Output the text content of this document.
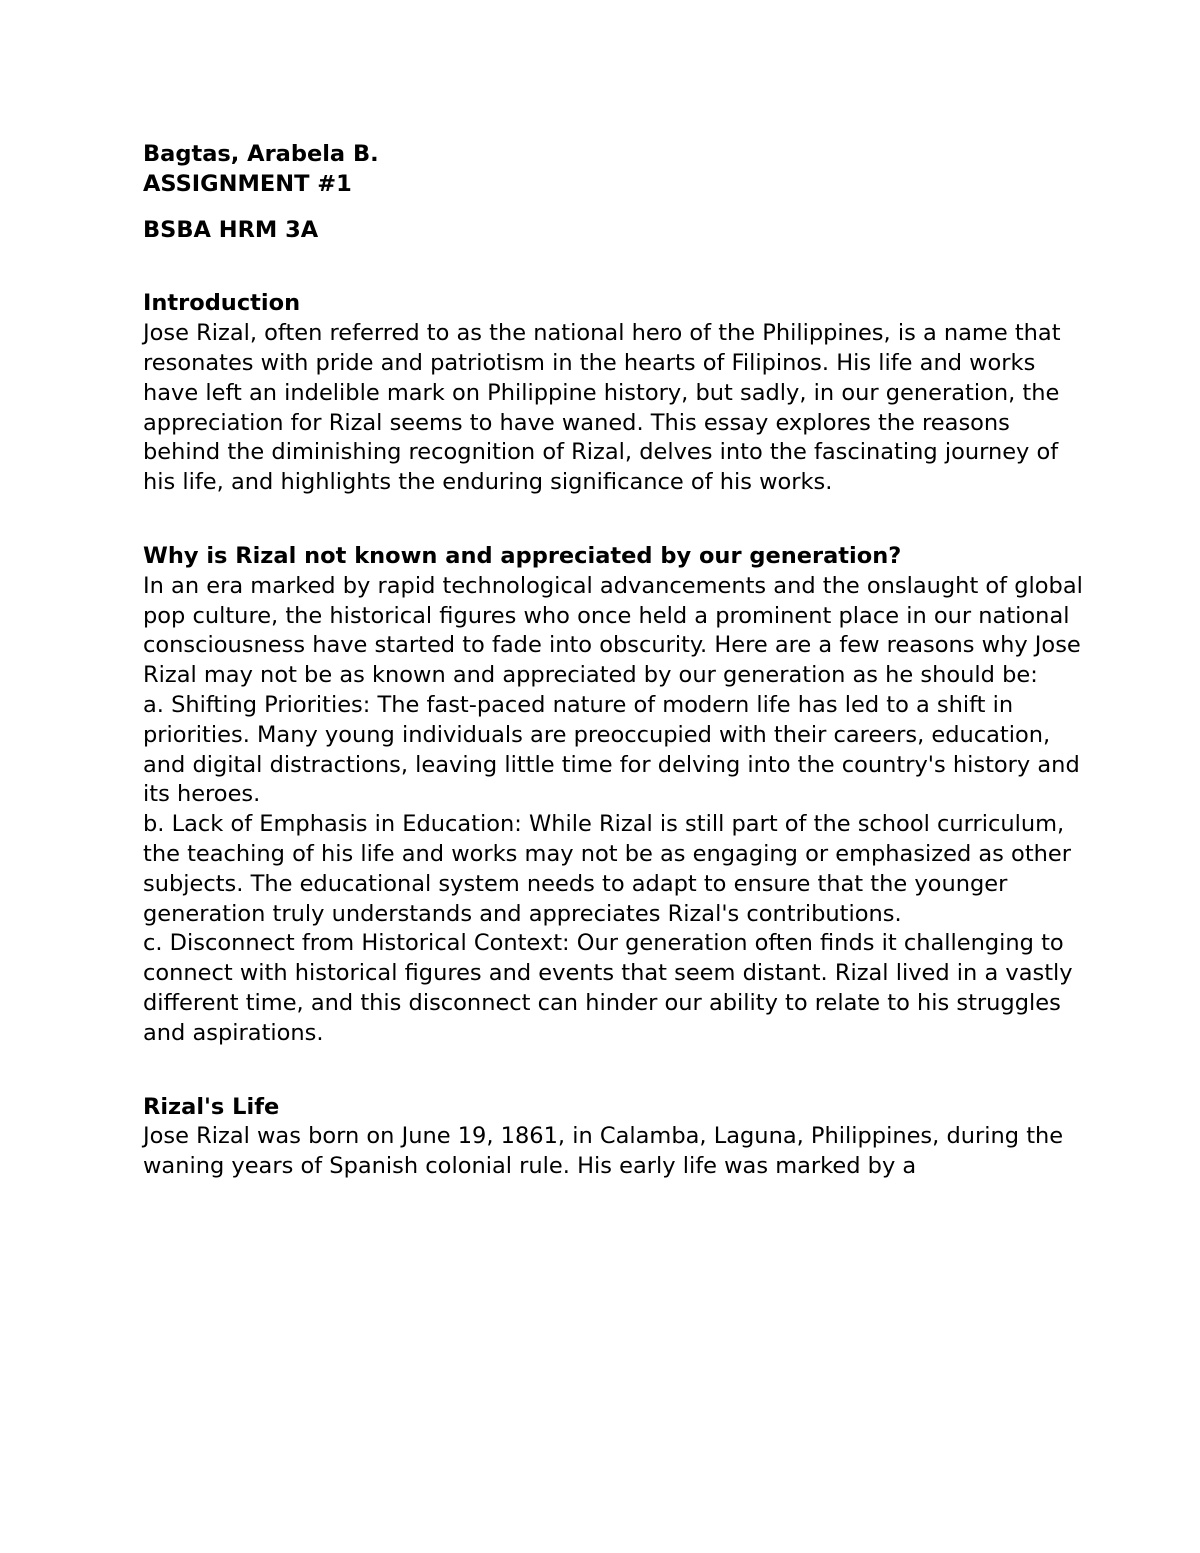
Bagtas, Arabela B.

ASSIGNMENT #1

BSBA HRM 3A

Introduction

Jose Rizal, often referred to as the national hero of the Philippines, is a name that resonates with pride and patriotism in the hearts of Filipinos. His life and works have left an indelible mark on Philippine history, but sadly, in our generation, the appreciation for Rizal seems to have waned. This essay explores the reasons behind the diminishing recognition of Rizal, delves into the fascinating journey of his life, and highlights the enduring significance of his works.

Why is Rizal not known and appreciated by our generation?

In an era marked by rapid technological advancements and the onslaught of global pop culture, the historical figures who once held a prominent place in our national consciousness have started to fade into obscurity. Here are a few reasons why Jose Rizal may not be as known and appreciated by our generation as he should be:

a. Shifting Priorities: The fast-paced nature of modern life has led to a shift in priorities. Many young individuals are preoccupied with their careers, education, and digital distractions, leaving little time for delving into the country's history and its heroes.

b. Lack of Emphasis in Education: While Rizal is still part of the school curriculum, the teaching of his life and works may not be as engaging or emphasized as other subjects. The educational system needs to adapt to ensure that the younger generation truly understands and appreciates Rizal's contributions.

c. Disconnect from Historical Context: Our generation often finds it challenging to connect with historical figures and events that seem distant. Rizal lived in a vastly different time, and this disconnect can hinder our ability to relate to his struggles and aspirations.

Rizal's Life

Jose Rizal was born on June 19, 1861, in Calamba, Laguna, Philippines, during the waning years of Spanish colonial rule. His early life was marked by a
